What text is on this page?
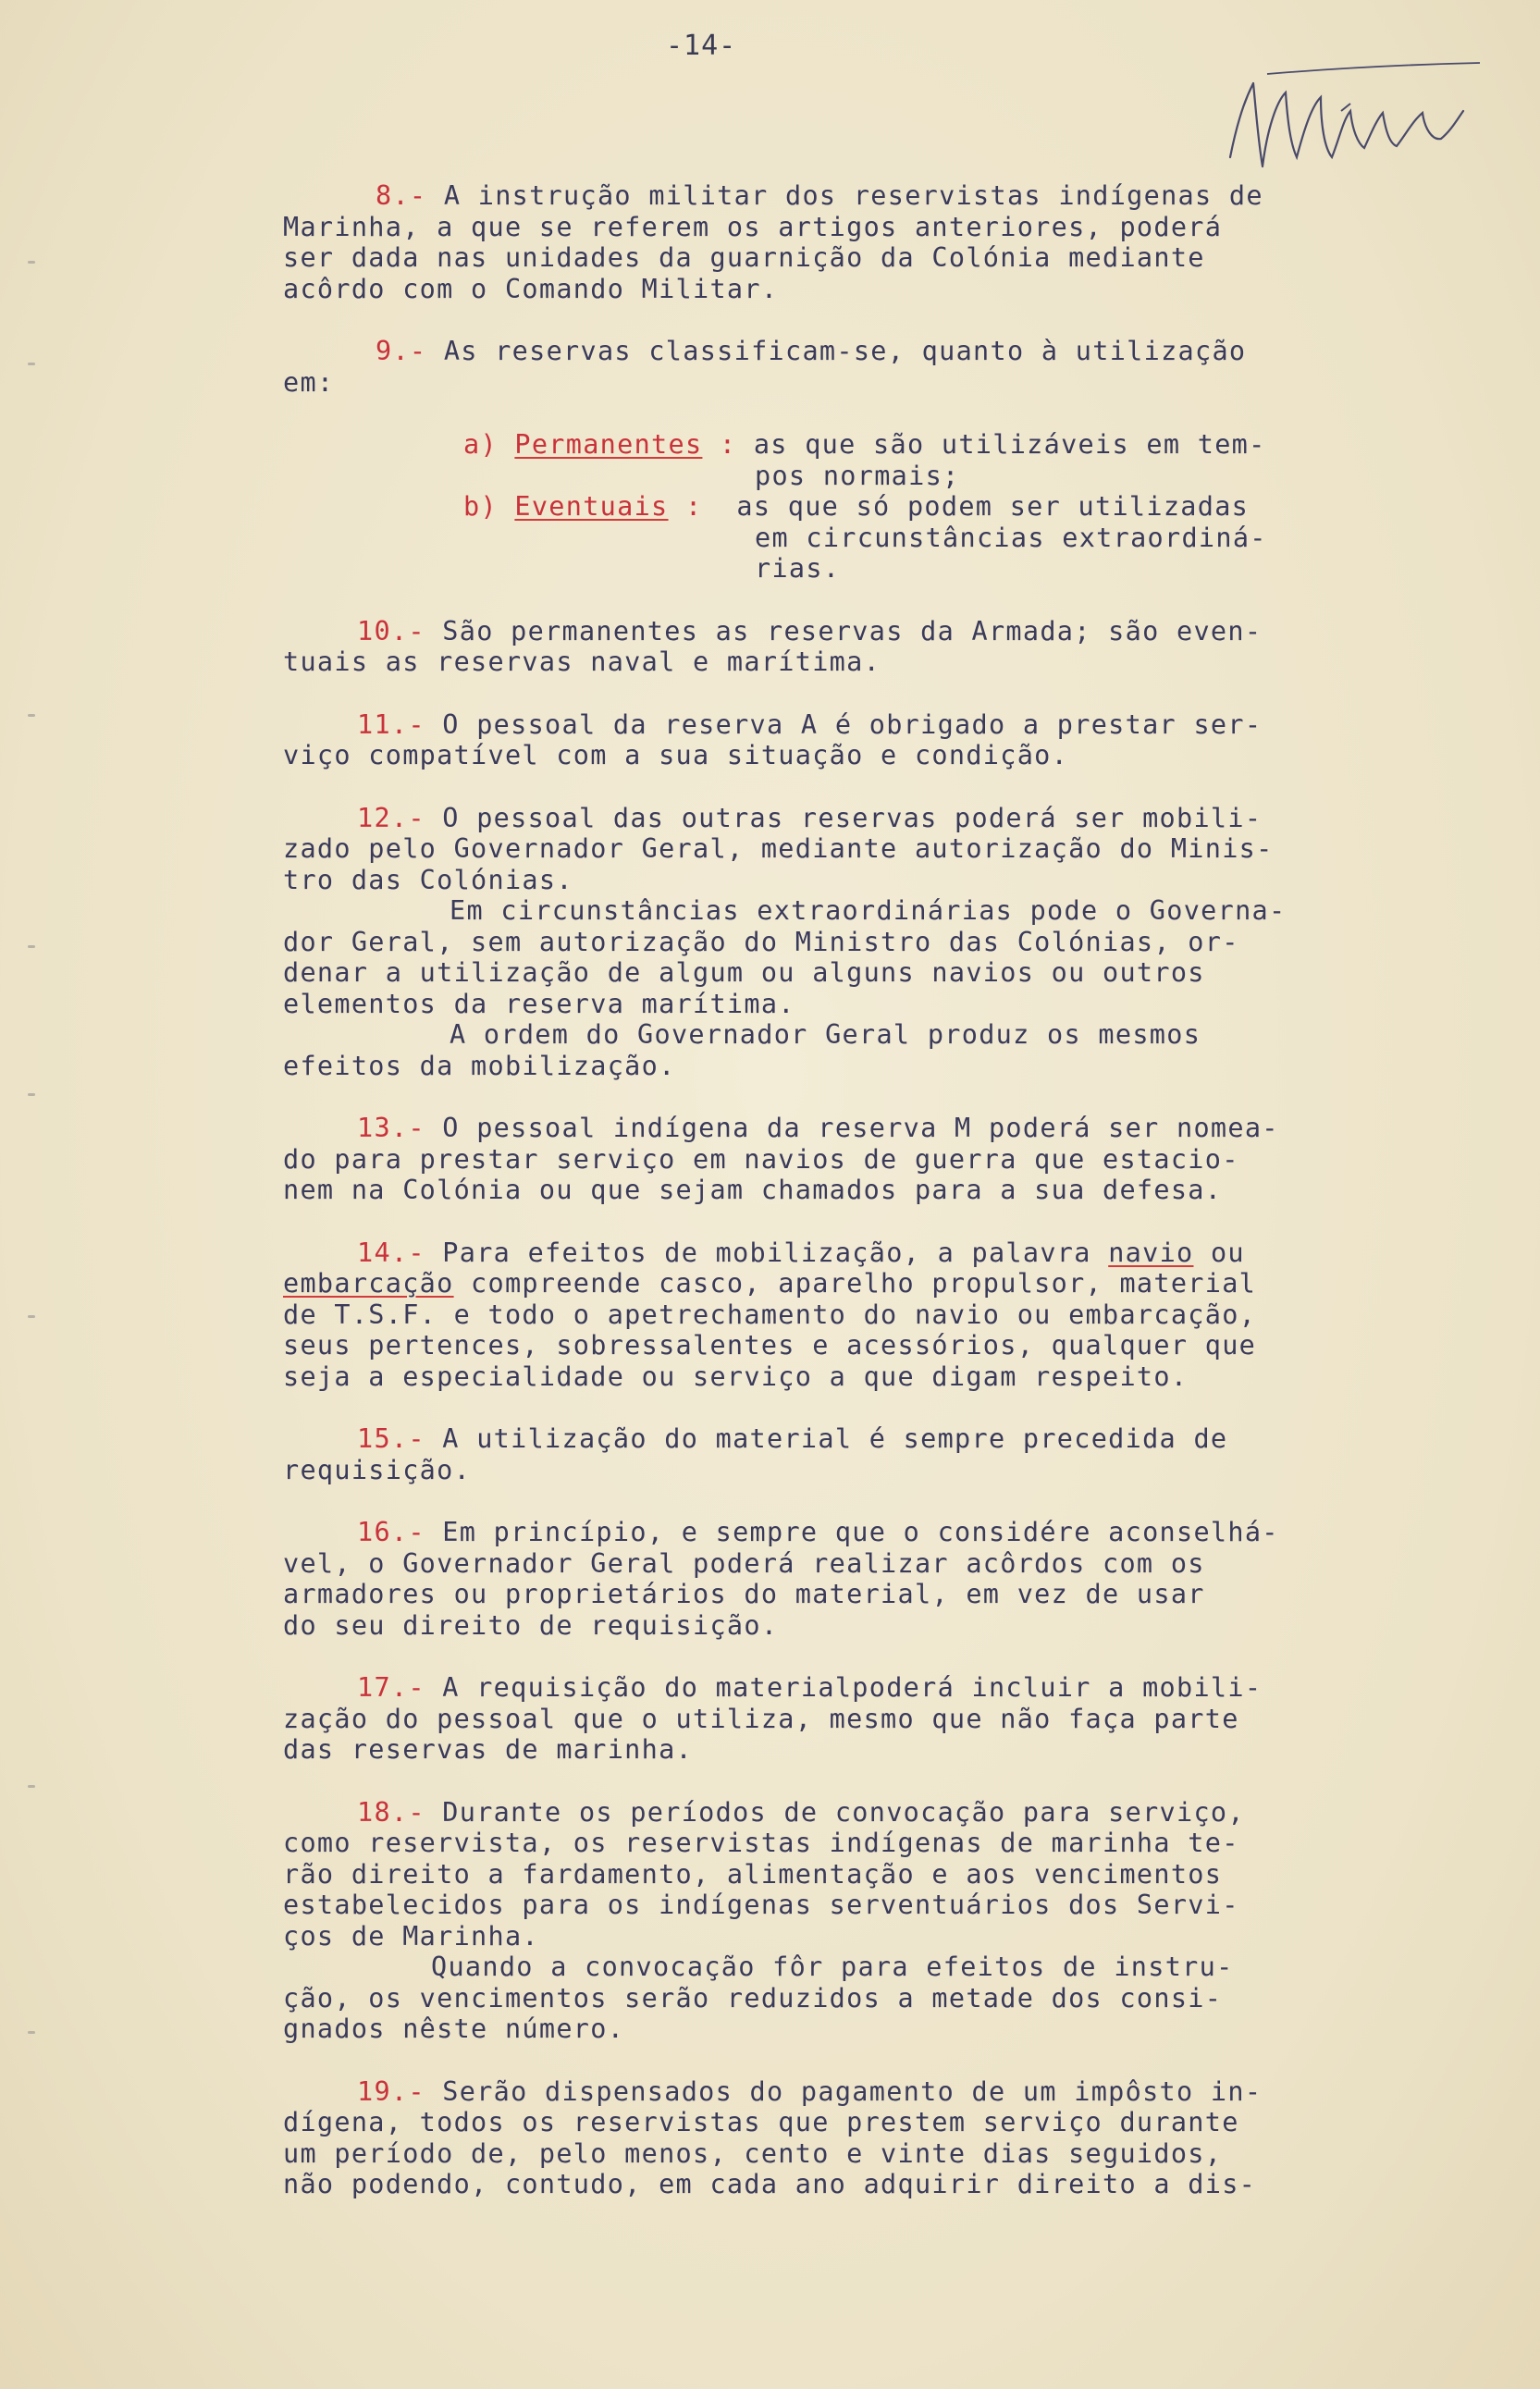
-14-
8.- A instrução militar dos reservistas indígenas de
Marinha, a que se referem os artigos anteriores, poderá
ser dada nas unidades da guarnição da Colónia mediante
acôrdo com o Comando Militar.
9.- As reservas classificam-se, quanto à utilização
em:
a) Permanentes : as que são utilizáveis em tem-
pos normais;
b) Eventuais :  as que só podem ser utilizadas
em circunstâncias extraordiná-
rias.
10.- São permanentes as reservas da Armada; são even-
tuais as reservas naval e marítima.
11.- O pessoal da reserva A é obrigado a prestar ser-
viço compatível com a sua situação e condição.
12.- O pessoal das outras reservas poderá ser mobili-
zado pelo Governador Geral, mediante autorização do Minis-
tro das Colónias.
Em circunstâncias extraordinárias pode o Governa-
dor Geral, sem autorização do Ministro das Colónias, or-
denar a utilização de algum ou alguns navios ou outros
elementos da reserva marítima.
A ordem do Governador Geral produz os mesmos
efeitos da mobilização.
13.- O pessoal indígena da reserva M poderá ser nomea-
do para prestar serviço em navios de guerra que estacio-
nem na Colónia ou que sejam chamados para a sua defesa.
14.- Para efeitos de mobilização, a palavra navio ou
embarcação compreende casco, aparelho propulsor, material
de T.S.F. e todo o apetrechamento do navio ou embarcação,
seus pertences, sobressalentes e acessórios, qualquer que
seja a especialidade ou serviço a que digam respeito.
15.- A utilização do material é sempre precedida de
requisição.
16.- Em princípio, e sempre que o considére aconselhá-
vel, o Governador Geral poderá realizar acôrdos com os
armadores ou proprietários do material, em vez de usar
do seu direito de requisição.
17.- A requisição do materialpoderá incluir a mobili-
zação do pessoal que o utiliza, mesmo que não faça parte
das reservas de marinha.
18.- Durante os períodos de convocação para serviço,
como reservista, os reservistas indígenas de marinha te-
rão direito a fardamento, alimentação e aos vencimentos
estabelecidos para os indígenas serventuários dos Servi-
ços de Marinha.
Quando a convocação fôr para efeitos de instru-
ção, os vencimentos serão reduzidos a metade dos consi-
gnados nêste número.
19.- Serão dispensados do pagamento de um impôsto in-
dígena, todos os reservistas que prestem serviço durante
um período de, pelo menos, cento e vinte dias seguidos,
não podendo, contudo, em cada ano adquirir direito a dis-
